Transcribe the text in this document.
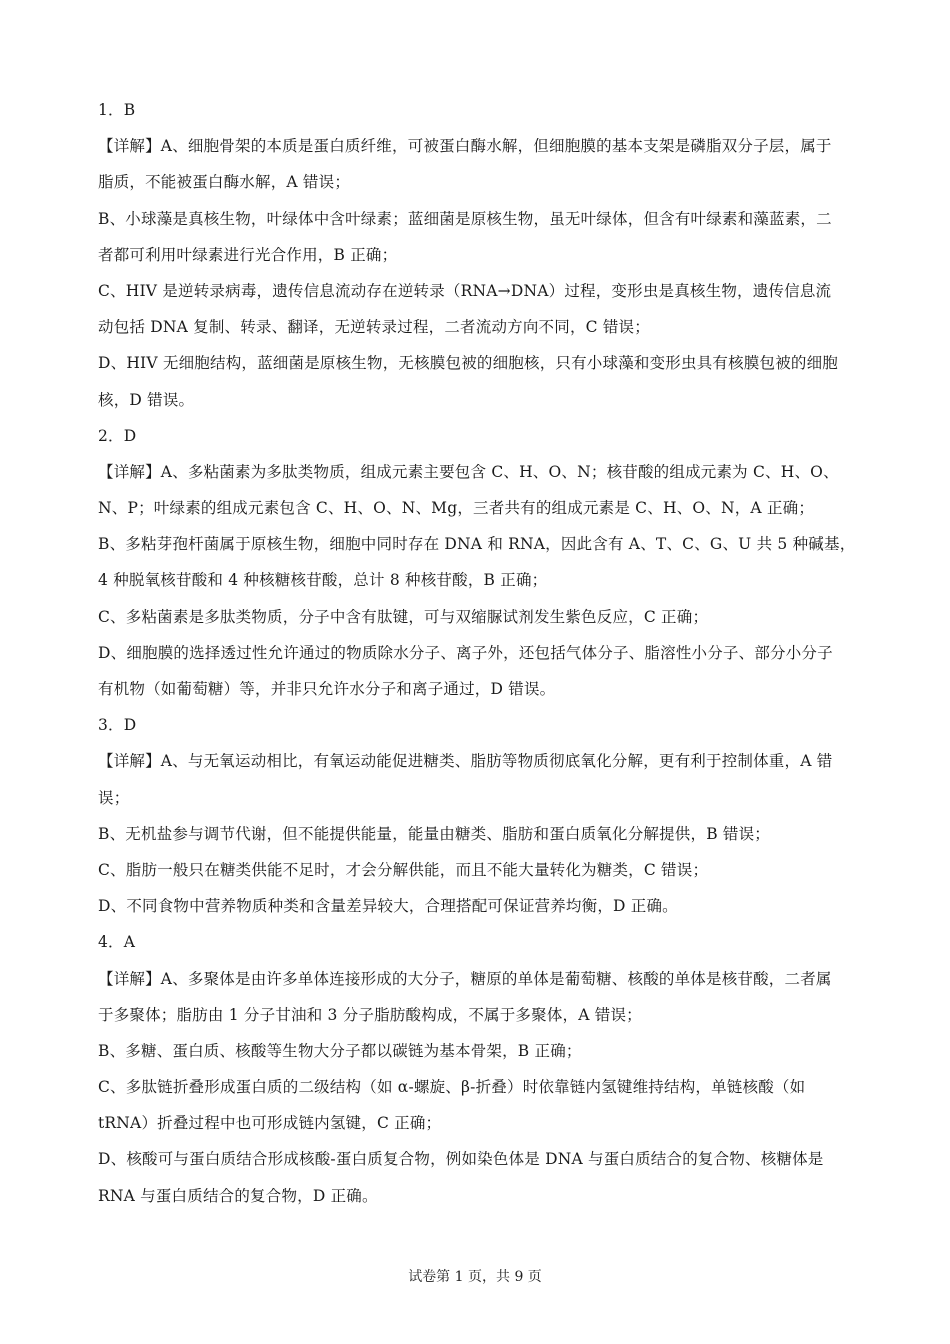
1．B
【详解】A、细胞骨架的本质是蛋白质纤维，可被蛋白酶水解，但细胞膜的基本支架是磷脂双分子层，属于
脂质，不能被蛋白酶水解，A 错误；
B、小球藻是真核生物，叶绿体中含叶绿素；蓝细菌是原核生物，虽无叶绿体，但含有叶绿素和藻蓝素，二
者都可利用叶绿素进行光合作用，B 正确；
C、HIV 是逆转录病毒，遗传信息流动存在逆转录（RNA→DNA）过程，变形虫是真核生物，遗传信息流
动包括 DNA 复制、转录、翻译，无逆转录过程，二者流动方向不同，C 错误；
D、HIV 无细胞结构，蓝细菌是原核生物，无核膜包被的细胞核，只有小球藻和变形虫具有核膜包被的细胞
核，D 错误。
2．D
【详解】A、多粘菌素为多肽类物质，组成元素主要包含 C、H、O、N；核苷酸的组成元素为 C、H、O、
N、P；叶绿素的组成元素包含 C、H、O、N、Mg，三者共有的组成元素是 C、H、O、N，A 正确；
B、多粘芽孢杆菌属于原核生物，细胞中同时存在 DNA 和 RNA，因此含有 A、T、C、G、U 共 5 种碱基，
4 种脱氧核苷酸和 4 种核糖核苷酸，总计 8 种核苷酸，B 正确；
C、多粘菌素是多肽类物质，分子中含有肽键，可与双缩脲试剂发生紫色反应，C 正确；
D、细胞膜的选择透过性允许通过的物质除水分子、离子外，还包括气体分子、脂溶性小分子、部分小分子
有机物（如葡萄糖）等，并非只允许水分子和离子通过，D 错误。
3．D
【详解】A、与无氧运动相比，有氧运动能促进糖类、脂肪等物质彻底氧化分解，更有利于控制体重，A 错
误；
B、无机盐参与调节代谢，但不能提供能量，能量由糖类、脂肪和蛋白质氧化分解提供，B 错误；
C、脂肪一般只在糖类供能不足时，才会分解供能，而且不能大量转化为糖类，C 错误；
D、不同食物中营养物质种类和含量差异较大，合理搭配可保证营养均衡，D 正确。
4．A
【详解】A、多聚体是由许多单体连接形成的大分子，糖原的单体是葡萄糖、核酸的单体是核苷酸，二者属
于多聚体；脂肪由 1 分子甘油和 3 分子脂肪酸构成，不属于多聚体，A 错误；
B、多糖、蛋白质、核酸等生物大分子都以碳链为基本骨架，B 正确；
C、多肽链折叠形成蛋白质的二级结构（如 α-螺旋、β-折叠）时依靠链内氢键维持结构，单链核酸（如
tRNA）折叠过程中也可形成链内氢键，C 正确；
D、核酸可与蛋白质结合形成核酸-蛋白质复合物，例如染色体是 DNA 与蛋白质结合的复合物、核糖体是
RNA 与蛋白质结合的复合物，D 正确。
试卷第 1 页，共 9 页
